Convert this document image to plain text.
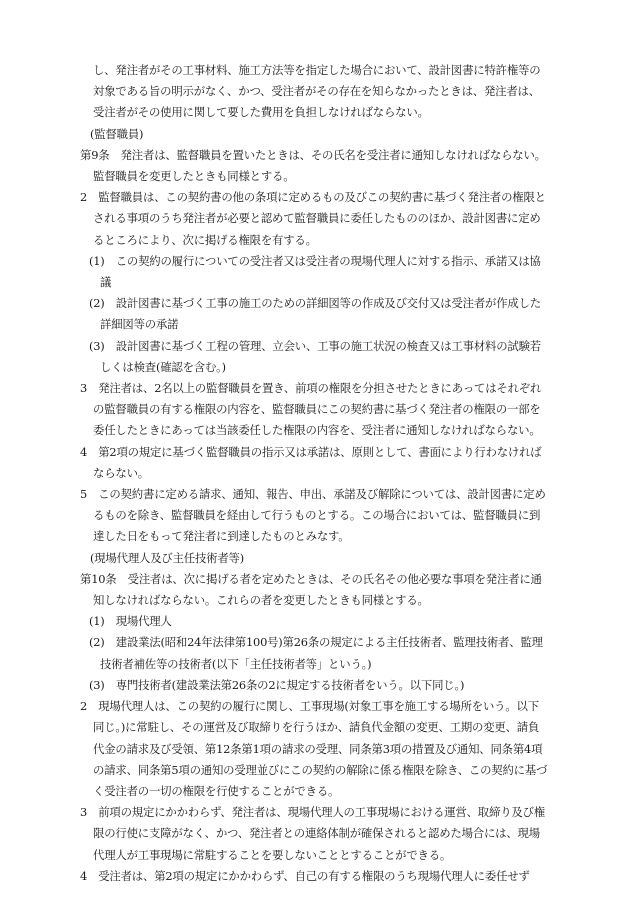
し、発注者がその工事材料、施工方法等を指定した場合において、設計図書に特許権等の対象である旨の明示がなく、かつ、受注者がその存在を知らなかったときは、発注者は、受注者がその使用に関して要した費用を負担しなければならない。

(監督職員)

第9条　発注者は、監督職員を置いたときは、その氏名を受注者に通知しなければならない。監督職員を変更したときも同様とする。

2　監督職員は、この契約書の他の条項に定めるもの及びこの契約書に基づく発注者の権限とされる事項のうち発注者が必要と認めて監督職員に委任したもののほか、設計図書に定めるところにより、次に掲げる権限を有する。

(1)　この契約の履行についての受注者又は受注者の現場代理人に対する指示、承諾又は協議

(2)　設計図書に基づく工事の施工のための詳細図等の作成及び交付又は受注者が作成した詳細図等の承諾

(3)　設計図書に基づく工程の管理、立会い、工事の施工状況の検査又は工事材料の試験若しくは検査(確認を含む。)

3　発注者は、2名以上の監督職員を置き、前項の権限を分担させたときにあってはそれぞれの監督職員の有する権限の内容を、監督職員にこの契約書に基づく発注者の権限の一部を委任したときにあっては当該委任した権限の内容を、受注者に通知しなければならない。

4　第2項の規定に基づく監督職員の指示又は承諾は、原則として、書面により行わなければならない。

5　この契約書に定める請求、通知、報告、申出、承諾及び解除については、設計図書に定めるものを除き、監督職員を経由して行うものとする。この場合においては、監督職員に到達した日をもって発注者に到達したものとみなす。

(現場代理人及び主任技術者等)

第10条　受注者は、次に掲げる者を定めたときは、その氏名その他必要な事項を発注者に通知しなければならない。これらの者を変更したときも同様とする。

(1)　現場代理人

(2)　建設業法(昭和24年法律第100号)第26条の規定による主任技術者、監理技術者、監理技術者補佐等の技術者(以下「主任技術者等」という。)

(3)　専門技術者(建設業法第26条の2に規定する技術者をいう。以下同じ。)

2　現場代理人は、この契約の履行に関し、工事現場(対象工事を施工する場所をいう。以下同じ。)に常駐し、その運営及び取締りを行うほか、請負代金額の変更、工期の変更、請負代金の請求及び受領、第12条第1項の請求の受理、同条第3項の措置及び通知、同条第4項の請求、同条第5項の通知の受理並びにこの契約の解除に係る権限を除き、この契約に基づく受注者の一切の権限を行使することができる。

3　前項の規定にかかわらず、発注者は、現場代理人の工事現場における運営、取締り及び権限の行使に支障がなく、かつ、発注者との連絡体制が確保されると認めた場合には、現場代理人が工事現場に常駐することを要しないこととすることができる。

4　受注者は、第2項の規定にかかわらず、自己の有する権限のうち現場代理人に委任せず
